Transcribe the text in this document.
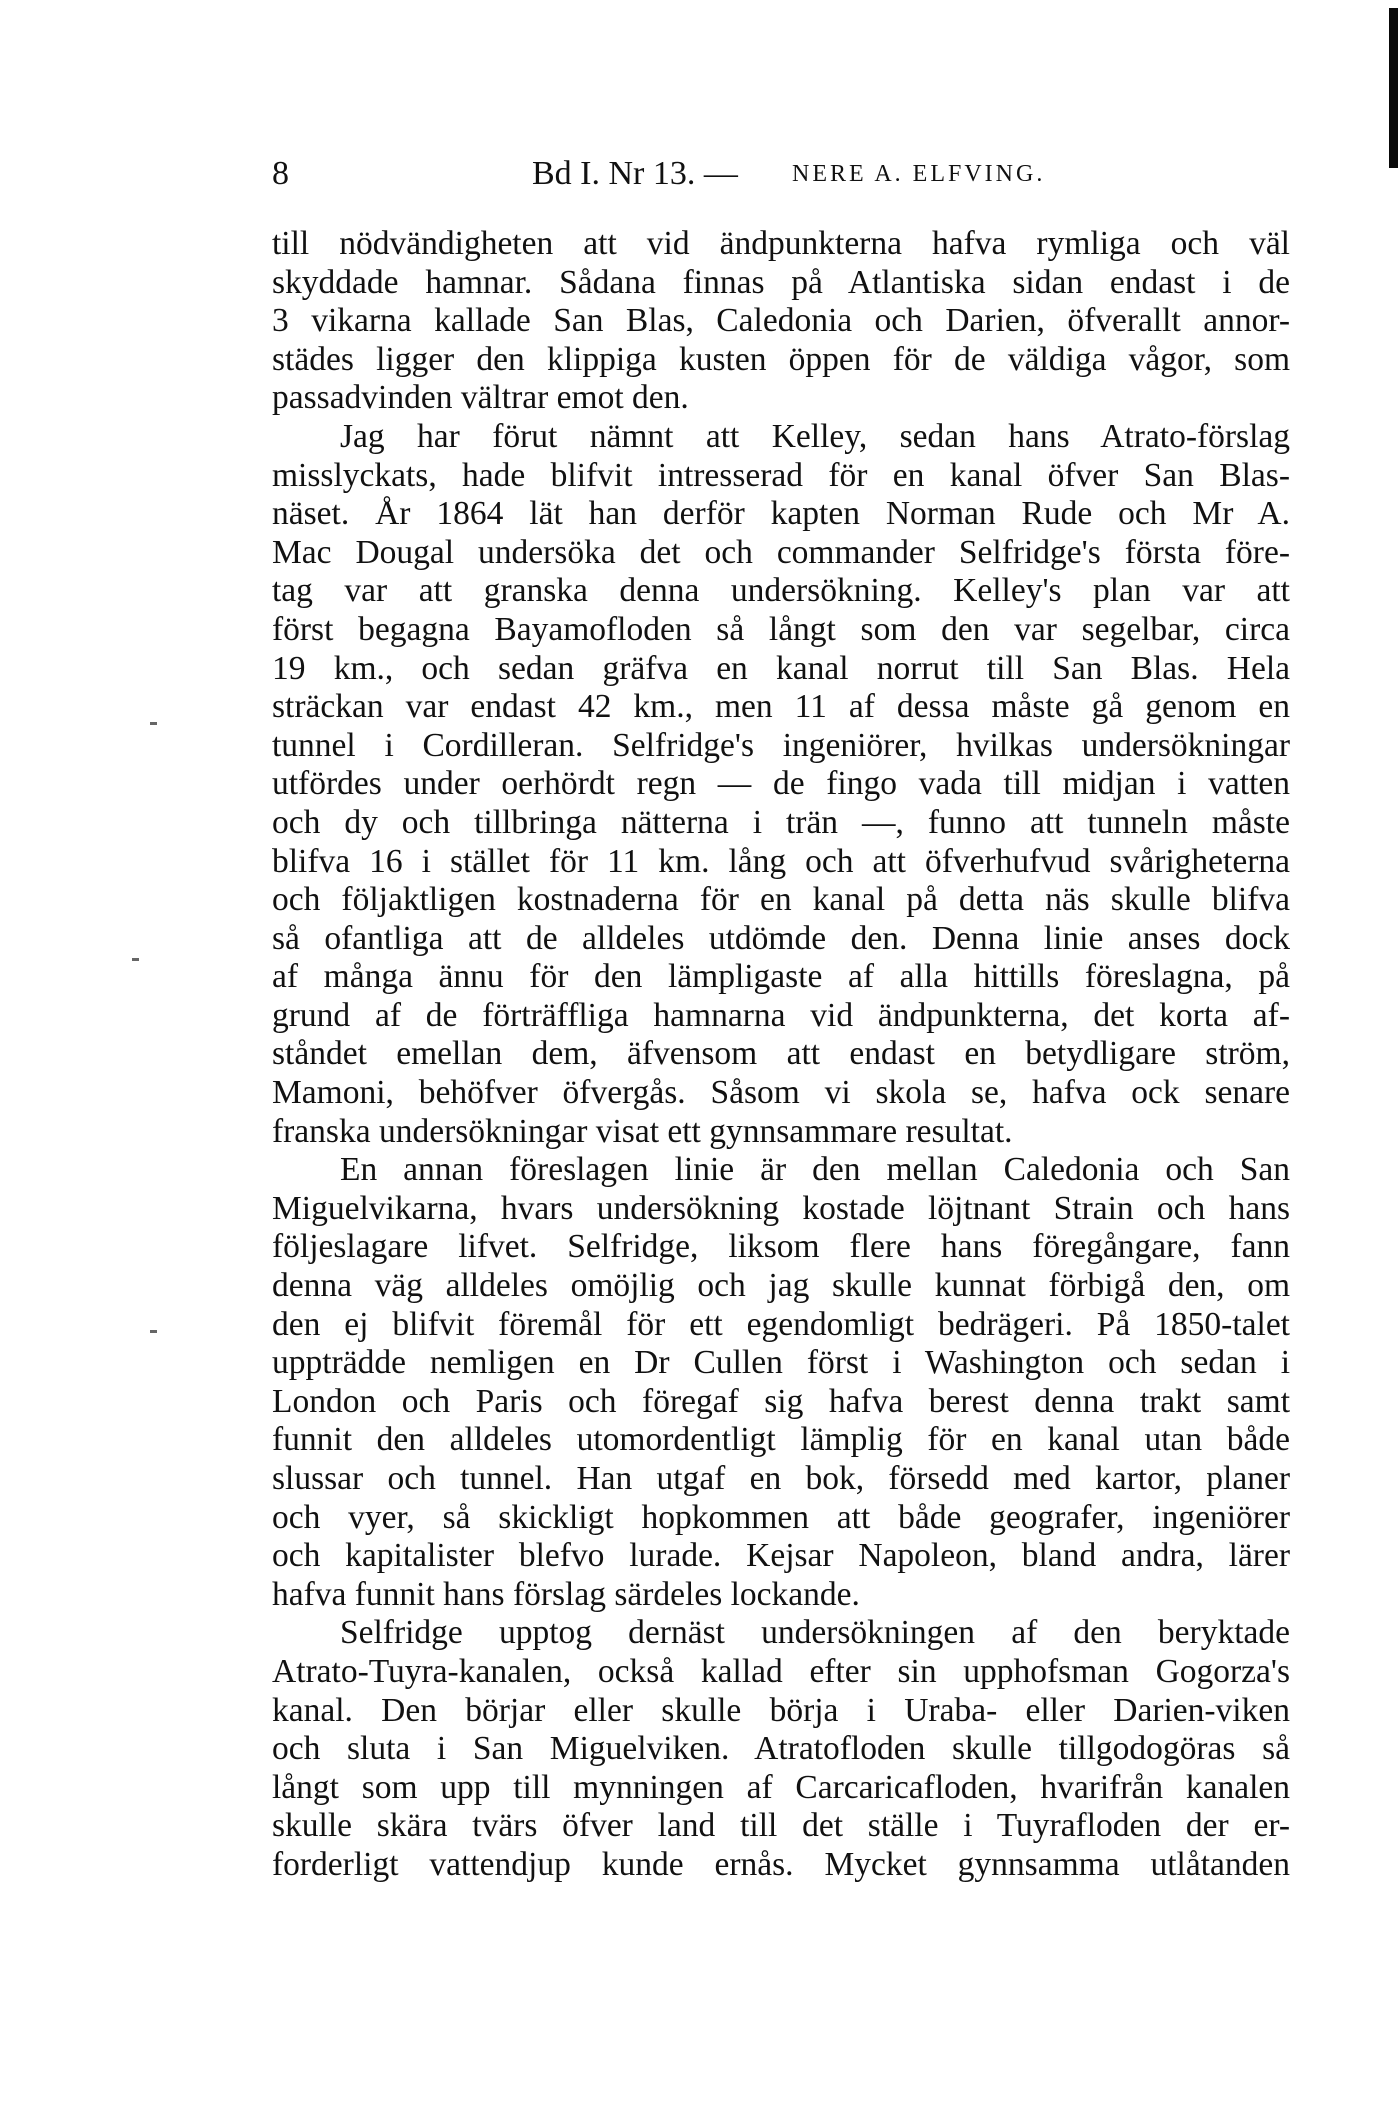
8	Bd I. Nr 13. — NERE A. ELFVING.
till nödvändigheten att vid ändpunkterna hafva rymliga och väl
skyddade hamnar. Sådana finnas på Atlantiska sidan endast i de
3 vikarna kallade San Blas, Caledonia och Darien, öfverallt annor-
städes ligger den klippiga kusten öppen för de väldiga vågor, som
passadvinden vältrar emot den.
Jag har förut nämnt att Kelley, sedan hans Atrato-förslag
misslyckats, hade blifvit intresserad för en kanal öfver San Blas-
näset. År 1864 lät han derför kapten Norman Rude och Mr A.
Mac Dougal undersöka det och commander Selfridge's första före-
tag var att granska denna undersökning. Kelley's plan var att
först begagna Bayamofloden så långt som den var segelbar, circa
19 km., och sedan gräfva en kanal norrut till San Blas. Hela
sträckan var endast 42 km., men 11 af dessa måste gå genom en
tunnel i Cordilleran. Selfridge's ingeniörer, hvilkas undersökningar
utfördes under oerhördt regn — de fingo vada till midjan i vatten
och dy och tillbringa nätterna i trän —, funno att tunneln måste
blifva 16 i stället för 11 km. lång och att öfverhufvud svårigheterna
och följaktligen kostnaderna för en kanal på detta näs skulle blifva
så ofantliga att de alldeles utdömde den. Denna linie anses dock
af många ännu för den lämpligaste af alla hittills föreslagna, på
grund af de förträffliga hamnarna vid ändpunkterna, det korta af-
ståndet emellan dem, äfvensom att endast en betydligare ström,
Mamoni, behöfver öfvergås. Såsom vi skola se, hafva ock senare
franska undersökningar visat ett gynnsammare resultat.
En annan föreslagen linie är den mellan Caledonia och San
Miguelvikarna, hvars undersökning kostade löjtnant Strain och hans
följeslagare lifvet. Selfridge, liksom flere hans föregångare, fann
denna väg alldeles omöjlig och jag skulle kunnat förbigå den, om
den ej blifvit föremål för ett egendomligt bedrägeri. På 1850-talet
uppträdde nemligen en Dr Cullen först i Washington och sedan i
London och Paris och föregaf sig hafva berest denna trakt samt
funnit den alldeles utomordentligt lämplig för en kanal utan både
slussar och tunnel. Han utgaf en bok, försedd med kartor, planer
och vyer, så skickligt hopkommen att både geografer, ingeniörer
och kapitalister blefvo lurade. Kejsar Napoleon, bland andra, lärer
hafva funnit hans förslag särdeles lockande.
Selfridge upptog dernäst undersökningen af den beryktade
Atrato-Tuyra-kanalen, också kallad efter sin upphofsman Gogorza's
kanal. Den börjar eller skulle börja i Uraba- eller Darien-viken
och sluta i San Miguelviken. Atratofloden skulle tillgodogöras så
långt som upp till mynningen af Carcaricafloden, hvarifrån kanalen
skulle skära tvärs öfver land till det ställe i Tuyrafloden der er-
forderligt vattendjup kunde ernås. Mycket gynnsamma utlåtanden
